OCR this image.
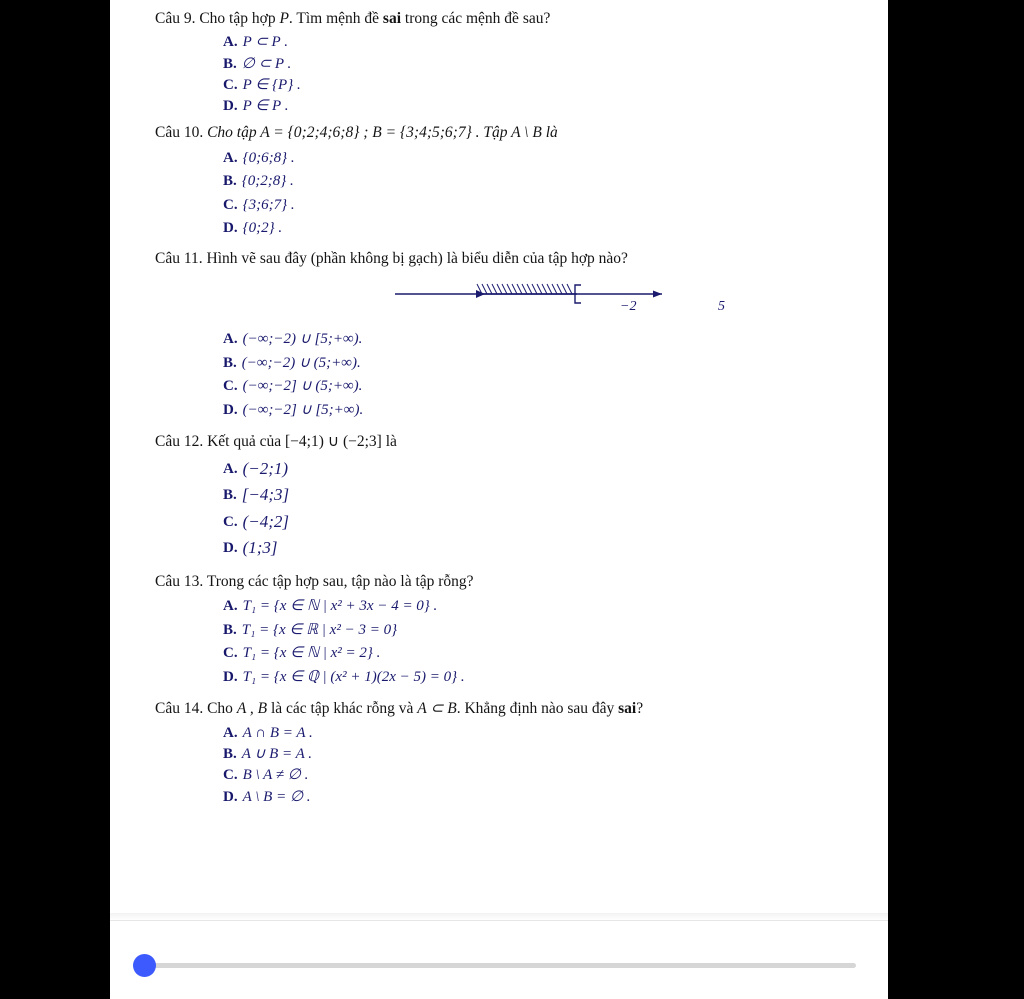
Câu 9. Cho tập hợp P. Tìm mệnh đề sai trong các mệnh đề sau?

A. P ⊂ P .
B. ∅ ⊂ P .
C. P ∈ {P} .
D. P ∈ P .

Câu 10. Cho tập A = {0;2;4;6;8} ; B = {3;4;5;6;7} . Tập A \ B là

A. {0;6;8} .
B. {0;2;8} .
C. {3;6;7} .
D. {0;2} .

Câu 11. Hình vẽ sau đây (phần không bị gạch) là biểu diễn của tập hợp nào?

−2	5
A. (−∞;−2) ∪ [5;+∞).
B. (−∞;−2) ∪ (5;+∞).
C. (−∞;−2] ∪ (5;+∞).
D. (−∞;−2] ∪ [5;+∞).

Câu 12. Kết quả của [−4;1) ∪ (−2;3] là

A. (−2;1)
B. [−4;3]
C. (−4;2]
D. (1;3]

Câu 13. Trong các tập hợp sau, tập nào là tập rỗng?

A. T₁ = {x ∈ ℕ | x² + 3x − 4 = 0} .
B. T₁ = {x ∈ ℝ | x² − 3 = 0}
C. T₁ = {x ∈ ℕ | x² = 2} .
D. T₁ = {x ∈ ℚ | (x² + 1)(2x − 5) = 0} .

Câu 14. Cho A , B là các tập khác rỗng và A ⊂ B. Khẳng định nào sau đây sai?

A. A ∩ B = A .
B. A ∪ B = A .
C. B \ A ≠ ∅ .
D. A \ B = ∅ .
